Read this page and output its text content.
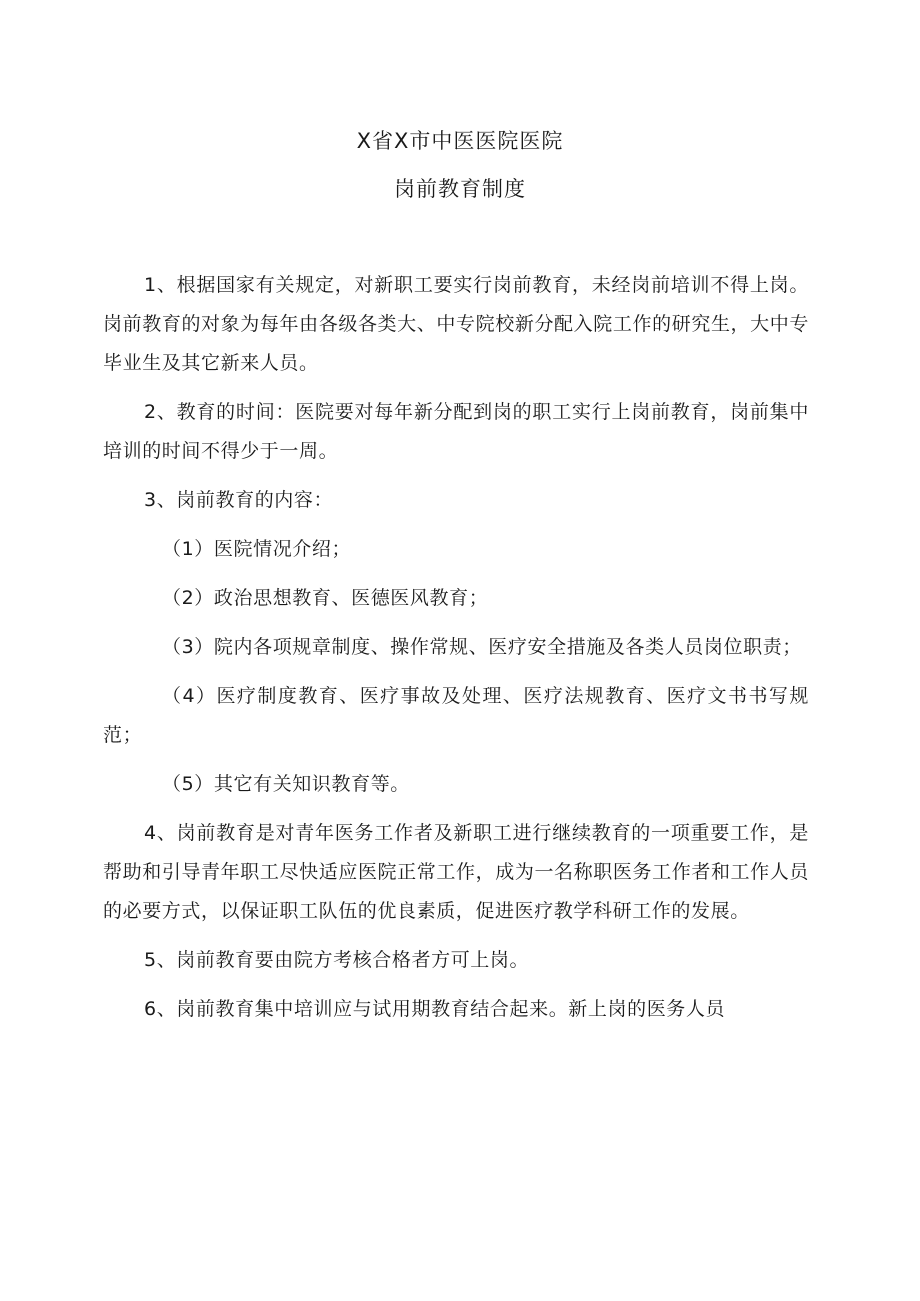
X省X市中医医院医院
岗前教育制度

1、根据国家有关规定，对新职工要实行岗前教育，未经岗前培训不得上岗。岗前教育的对象为每年由各级各类大、中专院校新分配入院工作的研究生，大中专毕业生及其它新来人员。

2、教育的时间：医院要对每年新分配到岗的职工实行上岗前教育，岗前集中培训的时间不得少于一周。

3、岗前教育的内容：

（1）医院情况介绍；

（2）政治思想教育、医德医风教育；

（3）院内各项规章制度、操作常规、医疗安全措施及各类人员岗位职责；

（4）医疗制度教育、医疗事故及处理、医疗法规教育、医疗文书书写规范；

（5）其它有关知识教育等。

4、岗前教育是对青年医务工作者及新职工进行继续教育的一项重要工作，是帮助和引导青年职工尽快适应医院正常工作，成为一名称职医务工作者和工作人员的必要方式，以保证职工队伍的优良素质，促进医疗教学科研工作的发展。

5、岗前教育要由院方考核合格者方可上岗。

6、岗前教育集中培训应与试用期教育结合起来。新上岗的医务人员
